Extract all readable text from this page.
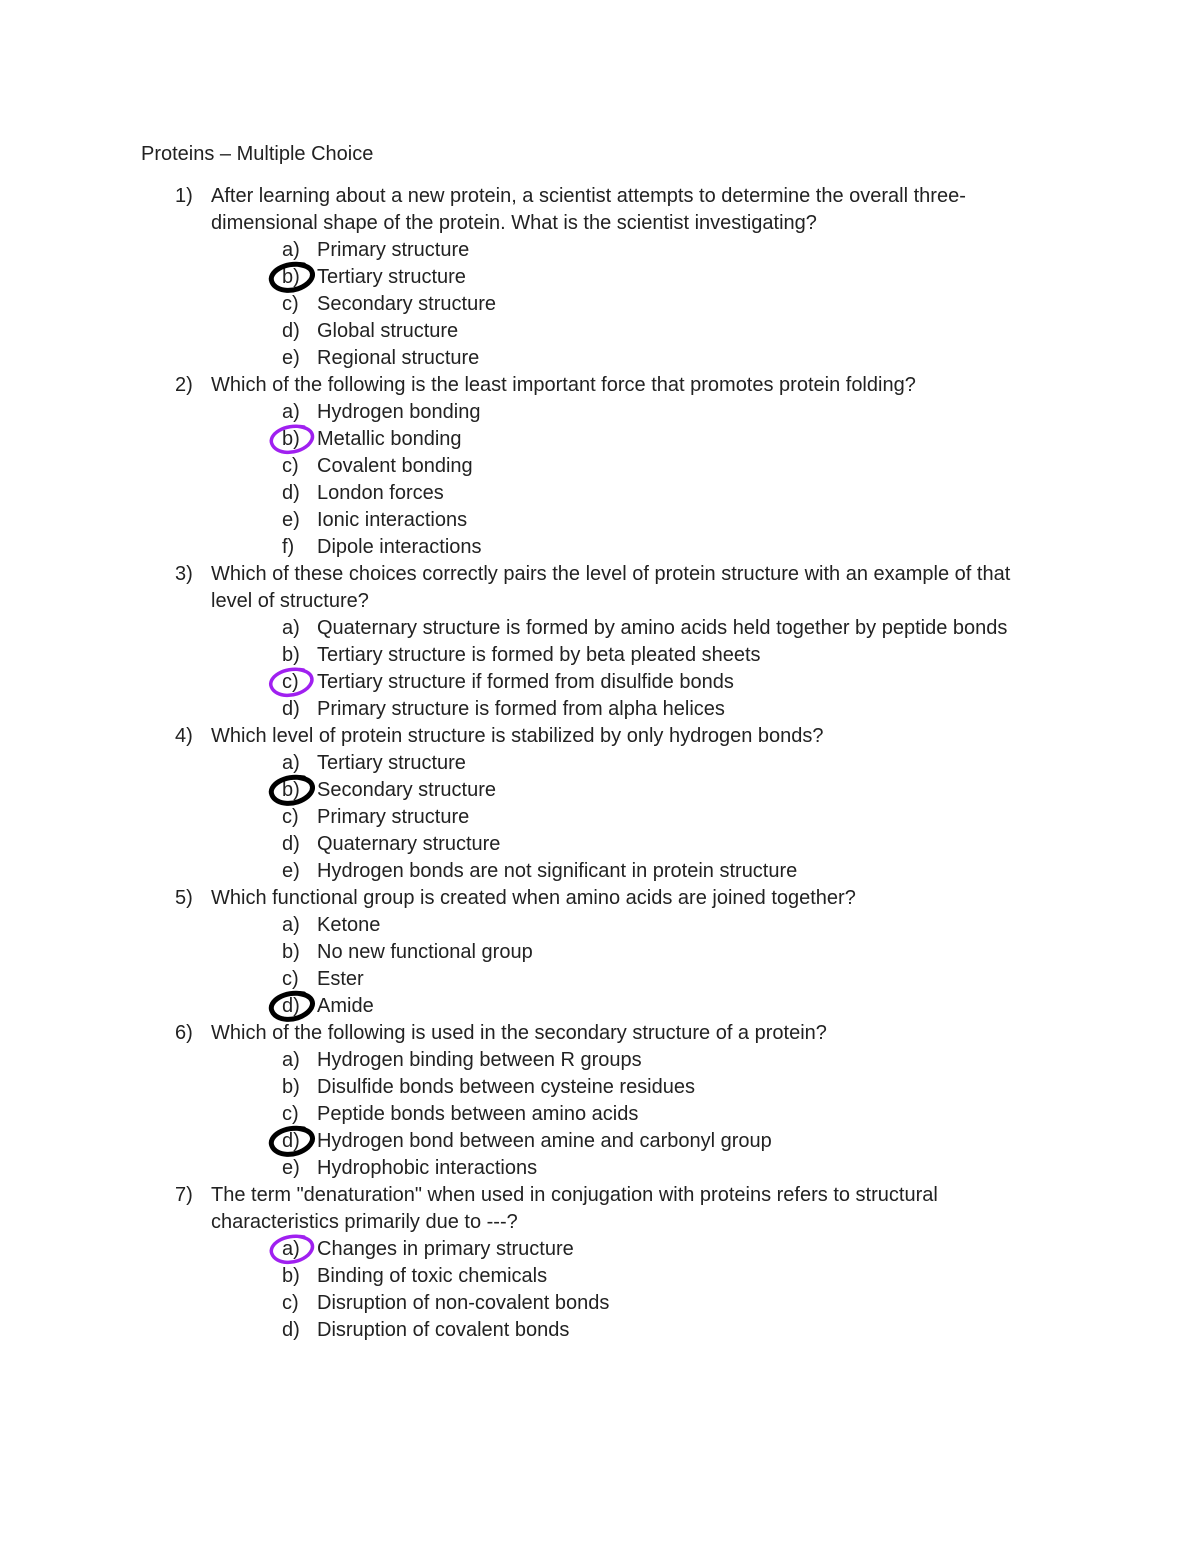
Proteins – Multiple Choice
1) After learning about a new protein, a scientist attempts to determine the overall three-dimensional shape of the protein. What is the scientist investigating?
a) Primary structure
b) Tertiary structure
c) Secondary structure
d) Global structure
e) Regional structure
2) Which of the following is the least important force that promotes protein folding?
a) Hydrogen bonding
b) Metallic bonding
c) Covalent bonding
d) London forces
e) Ionic interactions
f) Dipole interactions
3) Which of these choices correctly pairs the level of protein structure with an example of that level of structure?
a) Quaternary structure is formed by amino acids held together by peptide bonds
b) Tertiary structure is formed by beta pleated sheets
c) Tertiary structure if formed from disulfide bonds
d) Primary structure is formed from alpha helices
4) Which level of protein structure is stabilized by only hydrogen bonds?
a) Tertiary structure
b) Secondary structure
c) Primary structure
d) Quaternary structure
e) Hydrogen bonds are not significant in protein structure
5) Which functional group is created when amino acids are joined together?
a) Ketone
b) No new functional group
c) Ester
d) Amide
6) Which of the following is used in the secondary structure of a protein?
a) Hydrogen binding between R groups
b) Disulfide bonds between cysteine residues
c) Peptide bonds between amino acids
d) Hydrogen bond between amine and carbonyl group
e) Hydrophobic interactions
7) The term "denaturation" when used in conjugation with proteins refers to structural characteristics primarily due to ---?
a) Changes in primary structure
b) Binding of toxic chemicals
c) Disruption of non-covalent bonds
d) Disruption of covalent bonds
